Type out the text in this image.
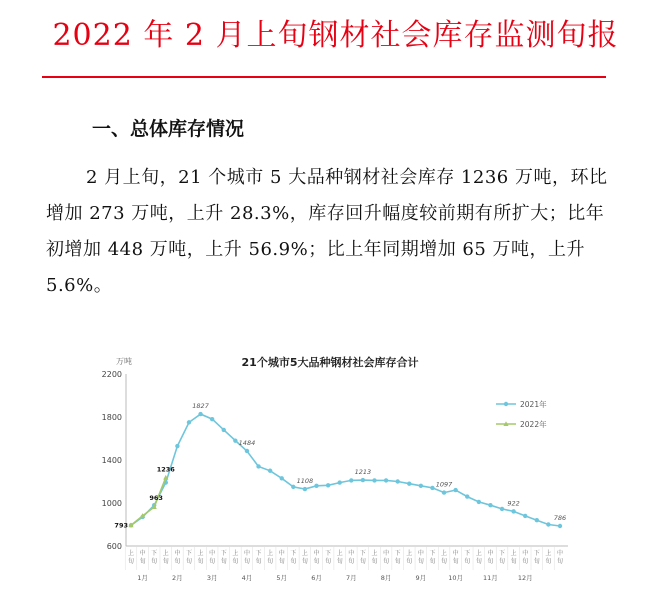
2022 年 2 月上旬钢材社会库存监测旬报
一、总体库存情况
2 月上旬，21 个城市 5 大品种钢材社会库存 1236 万吨，环比增加 273 万吨，上升 28.3%，库存回升幅度较前期有所扩大；比年初增加 448 万吨，上升 56.9%；比上年同期增加 65 万吨，上升 5.6%。
21个城市5大品种钢材社会库存合计
万吨
600
1000
1400
1800
2200
上
旬
中
旬
下
旬
上
旬
中
旬
下
旬
上
旬
中
旬
下
旬
上
旬
中
旬
下
旬
上
旬
中
旬
下
旬
上
旬
中
旬
下
旬
上
旬
中
旬
下
旬
上
旬
中
旬
下
旬
上
旬
中
旬
下
旬
上
旬
中
旬
下
旬
上
旬
中
旬
下
旬
上
旬
中
旬
下
旬
上
旬
中
旬
1月	2月	3月	4月	5月	6月	7月	8月	9月	10月	11月	12月
793
1827
1484
1108
1213
1097
922
786
963
1236
2021年
2022年
